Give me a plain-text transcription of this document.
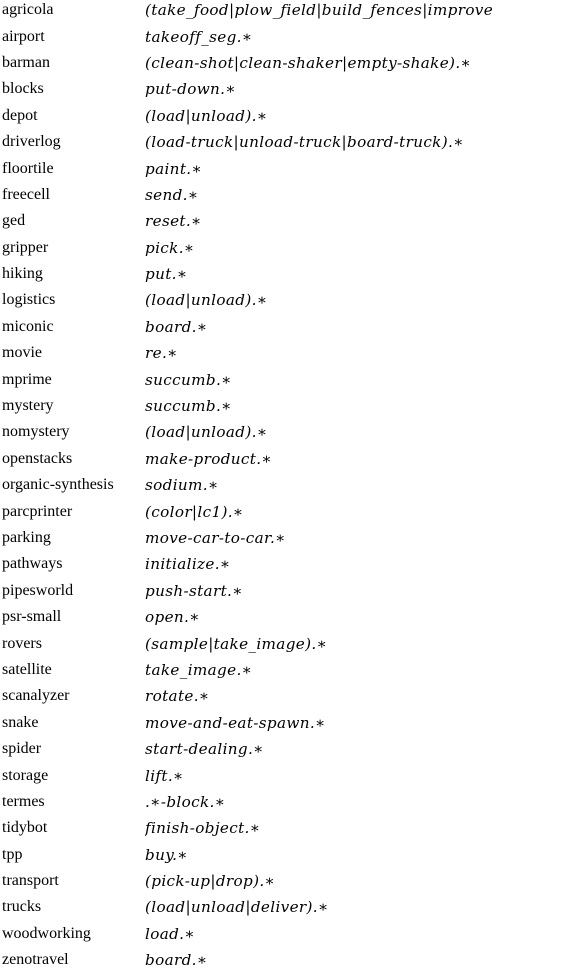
agricola	(take_food|plow_field|build_fences|improve
airport	takeoff_seg.∗
barman	(clean-shot|clean-shaker|empty-shake).∗
blocks	put-down.∗
depot	(load|unload).∗
driverlog	(load-truck|unload-truck|board-truck).∗
floortile	paint.∗
freecell	send.∗
ged	reset.∗
gripper	pick.∗
hiking	put.∗
logistics	(load|unload).∗
miconic	board.∗
movie	re.∗
mprime	succumb.∗
mystery	succumb.∗
nomystery	(load|unload).∗
openstacks	make-product.∗
organic-synthesis	sodium.∗
parcprinter	(color|lc1).∗
parking	move-car-to-car.∗
pathways	initialize.∗
pipesworld	push-start.∗
psr-small	open.∗
rovers	(sample|take_image).∗
satellite	take_image.∗
scanalyzer	rotate.∗
snake	move-and-eat-spawn.∗
spider	start-dealing.∗
storage	lift.∗
termes	.∗-block.∗
tidybot	finish-object.∗
tpp	buy.∗
transport	(pick-up|drop).∗
trucks	(load|unload|deliver).∗
woodworking	load.∗
zenotravel	board.∗
